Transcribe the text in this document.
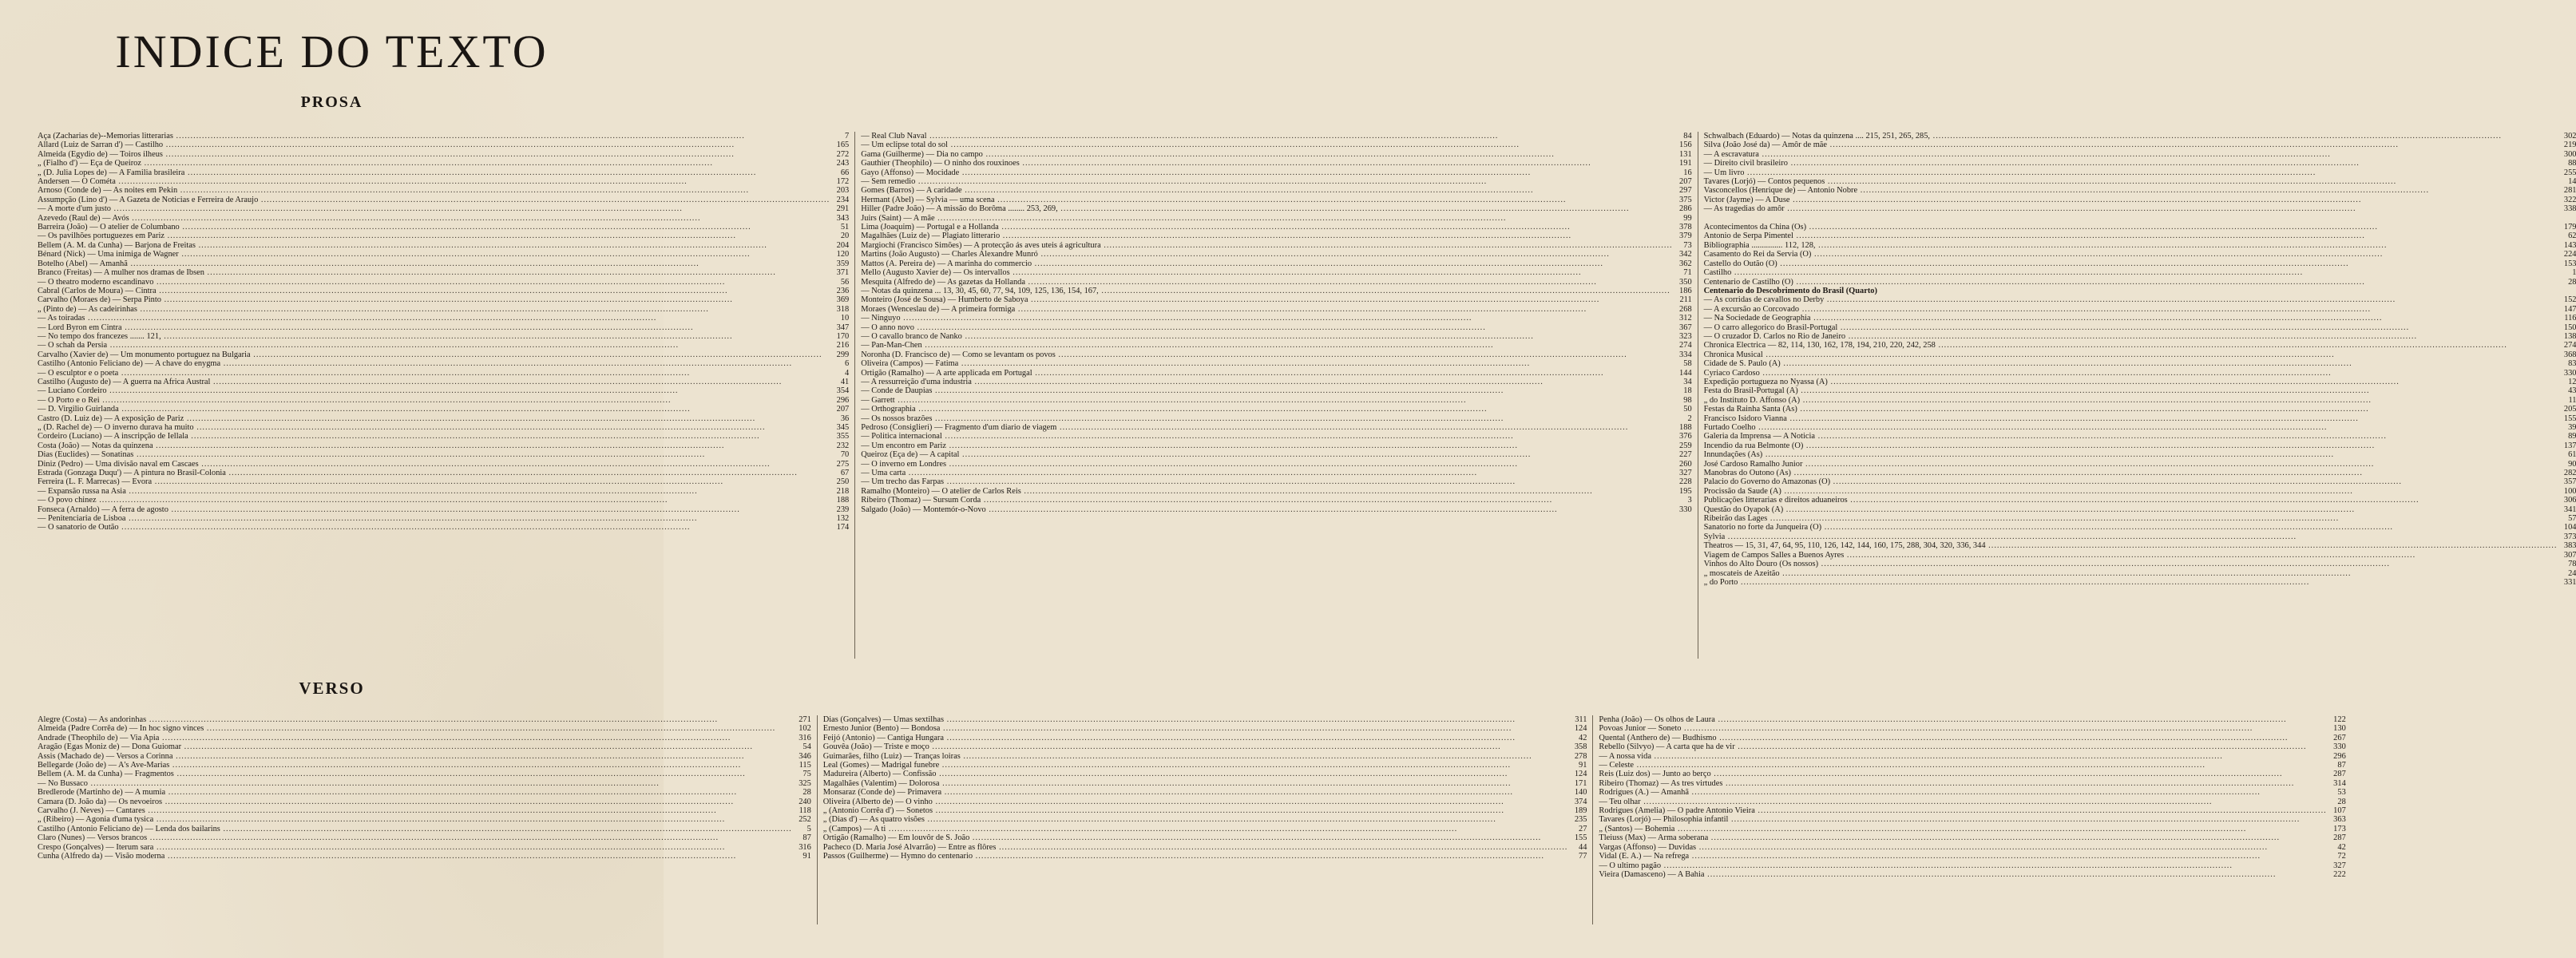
INDICE DO TEXTO
PROSA
Aça (Zacharias de)--Memorias litterarias .....	7
Allard (Luiz de Sarran d') — Castilho .....	165
Almeida (Egydio de) — Toiros ilheus .....	272
„ (Fialho d') — Eça de Queiroz .....	243
„ (D. Julia Lopes de) — A Familia brasileira .....	66
Andersen — O Cométa .....	172
Arnoso (Conde de) — As noites em Pekin .....	203
Assumpção (Lino d') — A Gazeta de Noticias e Ferreira de Araujo .....	234
— A morte d'um justo .....	291
Azevedo (Raul de) — Avós .....	343
Barreira (João) — O atelier de Columbano .....	51
— Os pavilhões portuguezes em Pariz .....	20
Bellem (A. M. da Cunha) — Barjona de Freitas .....	204
Bénard (Nick) — Uma inimiga de Wagner .....	120
Botelho (Abel) — Amanhã .....	359
Branco (Freitas) — A mulher nos dramas de Ibsen .....	371
— O theatro moderno escandinavo .....	56
Cabral (Carlos de Moura) — Cintra .....	236
Carvalho (Moraes de) — Serpa Pinto .....	369
„ (Pinto de) — As cadeirinhas .....	318
— As toiradas .....	10
— Lord Byron em Cintra .....	347
— No tempo dos francezes ....... 121, .....	170
— O schah da Persia .....	216
Carvalho (Xavier de) — Um monumento portuguez na Bulgaria .....	299
Castilho (Antonio Feliciano de) — A chave do enygma .....	6
— O esculptor e o poeta .....	4
Castilho (Augusto de) — A guerra na Africa Austral .....	41
— Luciano Cordeiro .....	354
— O Porto e o Rei .....	296
— D. Virgilio Guirlanda .....	207
Castro (D. Luiz de) — A exposição de Pariz .....	36
„ (D. Rachel de) — O inverno durava ha muito .....	345
Cordeiro (Luciano) — A inscripção de Iellala .....	355
Costa (João) — Notas da quinzena .....	232
Dias (Euclides) — Sonatinas .....	70
Diniz (Pedro) — Uma divisão naval em Cascaes .....	275
Estrada (Gonzaga Duqu') — A pintura no Brasil-Colonia .....	67
Ferreira (L. F. Marrecas) — Evora .....	250
— Expansão russa na Asia .....	218
— O povo chinez .....	188
Fonseca (Arnaldo) — A ferra de agosto .....	239
— Penitenciaria de Lisboa .....	132
— O sanatorio de Outão .....	174
— Real Club Naval .....	84
— Um eclipse total do sol .....	156
Gama (Guilherme) — Dia no campo .....	131
Gauthier (Theophilo) — O ninho dos rouxinoes .....	191
Gayo (Affonso) — Mocidade .....	16
— Sem remedio .....	207
Gomes (Barros) — A caridade .....	297
Hermant (Abel) — Sylvia — uma scena .....	375
Hiller (Padre João) — A missão do Borôma ........ 253, 269, .....	286
Juirs (Saint) — A mãe .....	99
Lima (Joaquim) — Portugal e a Hollanda .....	378
Magalhães (Luiz de) — Plagiato litterario .....	379
Margiochi (Francisco Simões) — A protecção ás aves uteis á agricultura .....	73
Martins (João Augusto) — Charles Alexandre Munró .....	342
Mattos (A. Pereira de) — A marinha do commercio .....	362
Mello (Augusto Xavier de) — Os intervallos .....	71
Mesquita (Alfredo de) — As gazetas da Hollanda .....	350
— Notas da quinzena ... 13, 30, 45, 60, 77, 94, 109, 125, 136, 154, 167, .....	186
Monteiro (José de Sousa) — Humberto de Saboya .....	211
Moraes (Wenceslau de) — A primeira formiga .....	268
— Ninguyo .....	312
— O anno novo .....	367
— O cavallo branco de Nanko .....	323
— Pan-Man-Chen .....	274
Noronha (D. Francisco de) — Como se levantam os povos .....	334
Oliveira (Campos) — Fatima .....	58
Ortigão (Ramalho) — A arte applicada em Portugal .....	144
— A ressurreição d'uma industria .....	34
— Conde de Daupias .....	18
— Garrett .....	98
— Orthographia .....	50
— Os nossos brazões .....	2
Pedroso (Consiglieri) — Fragmento d'um diario de viagem .....	188
— Politica internacional .....	376
— Um encontro em Pariz .....	259
Queiroz (Eça de) — A capital .....	227
— O inverno em Londres .....	260
— Uma carta .....	327
— Um trecho das Farpas .....	228
Ramalho (Monteiro) — O atelier de Carlos Reis .....	195
Ribeiro (Thomaz) — Sursum Corda .....	3
Salgado (João) — Montemór-o-Novo .....	330
Schwalbach (Eduardo) — Notas da quinzena .... 215, 251, 265, 285, .....	302
Silva (João José da) — Amôr de mãe .....	219
— A escravatura .....	300
— Direito civil brasileiro .....	88
— Um livro .....	255
Tavares (Lorjó) — Contos pequenos .....	14
Vasconcellos (Henrique de) — Antonio Nobre .....	281
Victor (Jayme) — A Duse .....	322
— As tragedias do amôr .....	338

Acontecimentos da China (Os) .....	179
Antonio de Serpa Pimentel .....	62
Bibliographia ............... 112, 128, .....	143
Casamento do Rei da Servia (O) .....	224
Castello do Outão (O) .....	153
Castilho .....	1
Centenario de Castilho (O) .....	28
Centenario do Descobrimento do Brasil (Quarto)
— As corridas de cavallos no Derby .....	152
— A excursão ao Corcovado .....	147
— Na Sociedade de Geographia .....	116
— O carro allegorico do Brasil-Portugal .....	150
— O cruzador D. Carlos no Rio de Janeiro .....	138
Chronica Electrica — 82, 114, 130, 162, 178, 194, 210, 220, 242, 258 .....	274
Chronica Musical .....	368
Cidade de S. Paulo (A) .....	83
Cyriaco Cardoso .....	330
Expedição portugueza no Nyassa (A) .....	12
Festa do Brasil-Portugal (A) .....	43
„ do Instituto D. Affonso (A) .....	11
Festas da Rainha Santa (As) .....	205
Francisco Isidoro Vianna .....	155
Furtado Coelho .....	39
Galeria da Imprensa — A Noticia .....	89
Incendio da rua Belmonte (O) .....	137
Innundações (As) .....	61
José Cardoso Ramalho Junior .....	90
Manobras do Outono (As) .....	282
Palacio do Governo do Amazonas (O) .....	357
Procissão da Saude (A) .....	100
Publicações litterarias e direitos aduaneiros .....	306
Questão do Oyapok (A) .....	341
Ribeirão das Lages .....	57
Sanatorio no forte da Junqueira (O) .....	104
Sylvia .....	373
Theatros — 15, 31, 47, 64, 95, 110, 126, 142, 144, 160, 175, 288, 304, 320, 336, 344 .....	383
Viagem de Campos Salles a Buenos Ayres .....	307
Vinhos do Alto Douro (Os nossos) .....	78
„ moscateis de Azeitão .....	24
„ do Porto .....	331
VERSO
Alegre (Costa) — As andorinhas .....	271
Almeida (Padre Corrêa de) — In hoc signo vinces .....	102
Andrade (Theophilo de) — Via Apia .....	316
Aragão (Egas Moniz de) — Dona Guiomar .....	54
Assis (Machado de) — Versos a Corinna .....	346
Bellegarde (João de) — A's Ave-Marias .....	115
Bellem (A. M. da Cunha) — Fragmentos .....	75
— No Bussaco .....	325
Bredlerode (Martinho de) — A mumia .....	28
Camara (D. João da) — Os nevoeiros .....	240
Carvalho (J. Neves) — Cantares .....	118
„ (Ribeiro) — Agonia d'uma tysica .....	252
Castilho (Antonio Feliciano de) — Lenda dos bailarins .....	5
Claro (Nunes) — Versos brancos .....	87
Crespo (Gonçalves) — Iterum sara .....	316
Cunha (Alfredo da) — Visão moderna .....	91
Dias (Gonçalves) — Umas sextilhas .....	311
Ernesto Junior (Bento) — Bondosa .....	124
Feijó (Antonio) — Cantiga Hungara .....	42
Gouvêa (João) — Triste e moço .....	358
Guimarães, filho (Luiz) — Tranças loiras .....	278
Leal (Gomes) — Madrigal funebre .....	91
Madureira (Alberto) — Confissão .....	124
Magalhães (Valentim) — Dolorosa .....	171
Monsaraz (Conde de) — Primavera .....	140
Oliveira (Alberto de) — O vinho .....	374
„ (Antonio Corrêa d') — Sonetos .....	189
„ (Dias d') — As quatro visões .....	235
„ (Campos) — A ti .....	27
Ortigão (Ramalho) — Em louvôr de S. João .....	155
Pacheco (D. Maria José Alvarrão) — Entre as flôres .....	44
Passos (Guilherme) — Hymno do centenario .....	77
Penha (João) — Os olhos de Laura .....	122
Povoas Junior — Soneto .....	130
Quental (Anthero de) — Budhismo .....	267
Rebello (Silvyo) — A carta que ha de vir .....	330
— A nossa vida .....	296
— Celeste .....	87
Reis (Luiz dos) — Junto ao berço .....	287
Ribeiro (Thomaz) — As tres virtudes .....	314
Rodrigues (A.) — Amanhã .....	53
— Teu olhar .....	28
Rodrigues (Amelia) — O padre Antonio Vieira .....	107
Tavares (Lorjó) — Philosophia infantil .....	363
„ (Santos) — Bohemia .....	173
Tleiuss (Max) — Arma soberana .....	287
Vargas (Affonso) — Duvidas .....	42
Vidal (E. A.) — Na refrega .....	72
— O ultimo pagão .....	327
Vieira (Damasceno) — A Bahia .....	222
